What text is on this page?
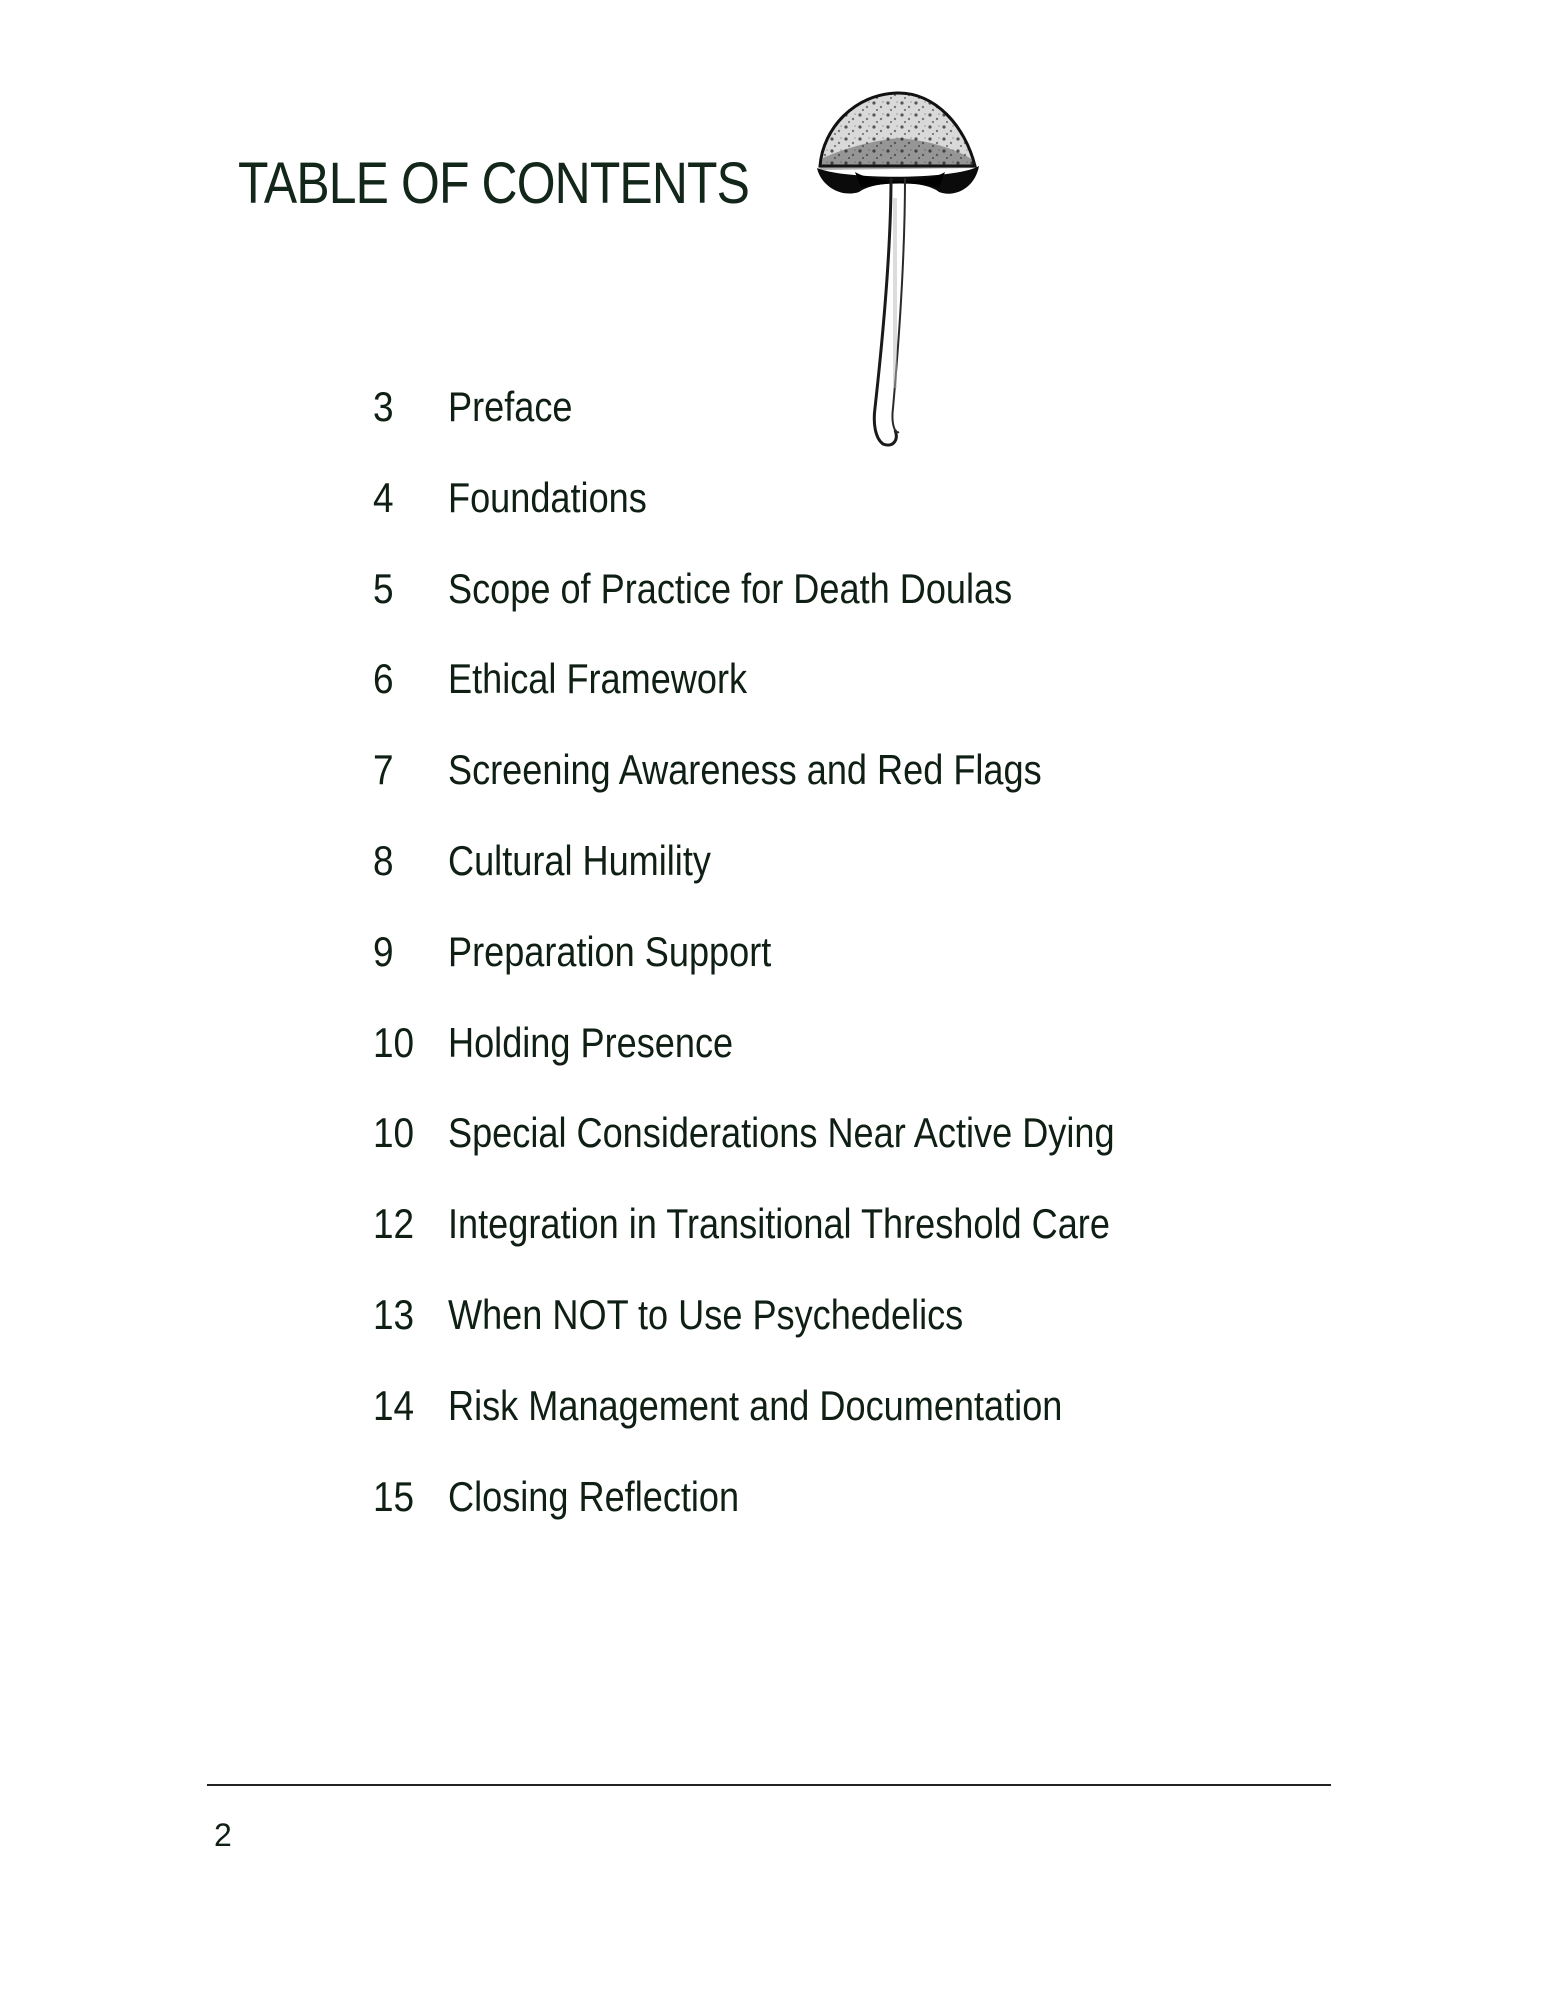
TABLE OF CONTENTS
3	Preface
4	Foundations
5	Scope of Practice for Death Doulas
6	Ethical Framework
7	Screening Awareness and Red Flags
8	Cultural Humility
9	Preparation Support
10 Holding Presence
10 Special Considerations Near Active Dying
12 Integration in Transitional Threshold Care
13 When NOT to Use Psychedelics
14 Risk Management and Documentation
15 Closing Reflection
2
